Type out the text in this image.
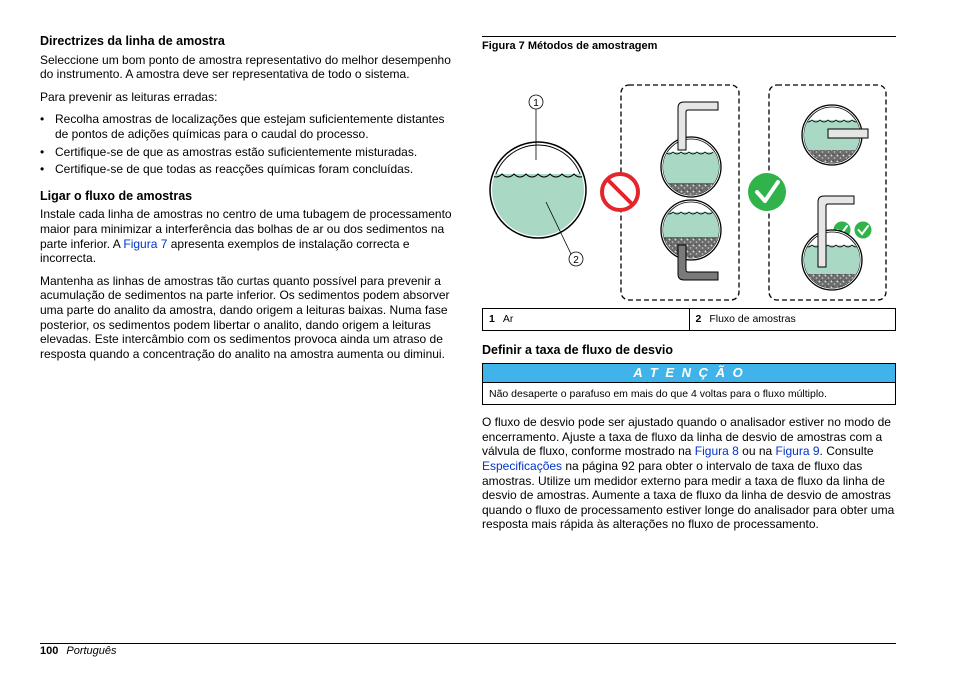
Directrizes da linha de amostra

Seleccione um bom ponto de amostra representativo do melhor desempenho do instrumento. A amostra deve ser representativa de todo o sistema.

Para prevenir as leituras erradas:

• Recolha amostras de localizações que estejam suficientemente distantes de pontos de adições químicas para o caudal do processo.
• Certifique-se de que as amostras estão suficientemente misturadas.
• Certifique-se de que todas as reacções químicas foram concluídas.
Ligar o fluxo de amostras

Instale cada linha de amostras no centro de uma tubagem de processamento maior para minimizar a interferência das bolhas de ar ou dos sedimentos na parte inferior. A Figura 7 apresenta exemplos de instalação correcta e incorrecta.

Mantenha as linhas de amostras tão curtas quanto possível para prevenir a acumulação de sedimentos na parte inferior. Os sedimentos podem absorver uma parte do analito da amostra, dando origem a leituras baixas. Numa fase posterior, os sedimentos podem libertar o analito, dando origem a leituras elevadas. Este intercâmbio com os sedimentos provoca ainda um atraso de resposta quando a concentração do analito na amostra aumenta ou diminui.

Figura 7 Métodos de amostragem
1
2
1 Ar	2 Fluxo de amostras
Definir a taxa de fluxo de desvio
A T E N Ç Ã O
Não desaperte o parafuso em mais do que 4 voltas para o fluxo múltiplo.

O fluxo de desvio pode ser ajustado quando o analisador estiver no modo de encerramento. Ajuste a taxa de fluxo da linha de desvio de amostras com a válvula de fluxo, conforme mostrado na Figura 8 ou na Figura 9. Consulte Especificações na página 92 para obter o intervalo de taxa de fluxo das amostras. Utilize um medidor externo para medir a taxa de fluxo da linha de desvio de amostras. Aumente a taxa de fluxo da linha de desvio de amostras quando o fluxo de processamento estiver longe do analisador para obter uma resposta mais rápida às alterações no fluxo de processamento.

100 Português
